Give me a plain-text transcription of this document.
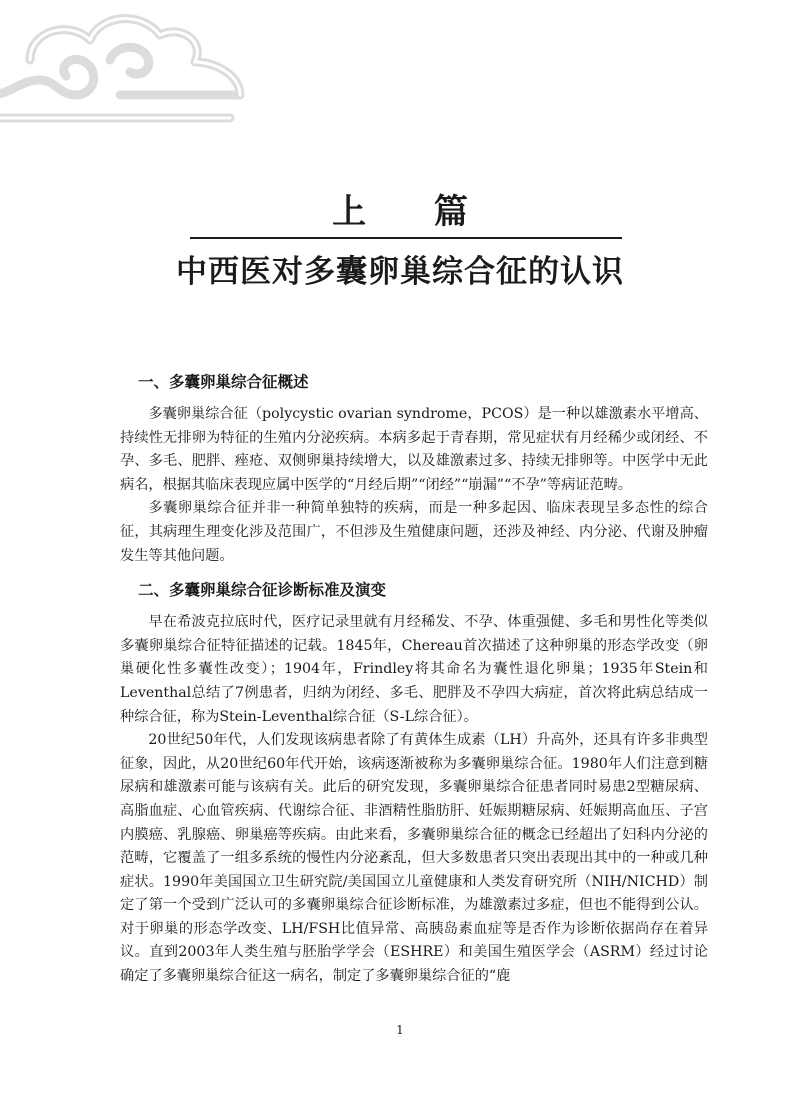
上 篇
中西医对多囊卵巢综合征的认识
一、多囊卵巢综合征概述

多囊卵巢综合征（polycystic ovarian syndrome，PCOS）是一种以雄激素水平增高、持续性无排卵为特征的生殖内分泌疾病。本病多起于青春期，常见症状有月经稀少或闭经、不孕、多毛、肥胖、痤疮、双侧卵巢持续增大，以及雄激素过多、持续无排卵等。中医学中无此病名，根据其临床表现应属中医学的“月经后期”“闭经”“崩漏”“不孕”等病证范畴。

多囊卵巢综合征并非一种简单独特的疾病，而是一种多起因、临床表现呈多态性的综合征，其病理生理变化涉及范围广，不但涉及生殖健康问题，还涉及神经、内分泌、代谢及肿瘤发生等其他问题。

二、多囊卵巢综合征诊断标准及演变

早在希波克拉底时代，医疗记录里就有月经稀发、不孕、体重强健、多毛和男性化等类似多囊卵巢综合征特征描述的记载。1845年，Chereau首次描述了这种卵巢的形态学改变（卵巢硬化性多囊性改变）；1904年，Frindley将其命名为囊性退化卵巢；1935年Stein和Leventhal总结了7例患者，归纳为闭经、多毛、肥胖及不孕四大病症，首次将此病总结成一种综合征，称为Stein-Leventhal综合征（S-L综合征）。

20世纪50年代，人们发现该病患者除了有黄体生成素（LH）升高外，还具有许多非典型征象，因此，从20世纪60年代开始，该病逐渐被称为多囊卵巢综合征。1980年人们注意到糖尿病和雄激素可能与该病有关。此后的研究发现，多囊卵巢综合征患者同时易患2型糖尿病、高脂血症、心血管疾病、代谢综合征、非酒精性脂肪肝、妊娠期糖尿病、妊娠期高血压、子宫内膜癌、乳腺癌、卵巢癌等疾病。由此来看，多囊卵巢综合征的概念已经超出了妇科内分泌的范畴，它覆盖了一组多系统的慢性内分泌紊乱，但大多数患者只突出表现出其中的一种或几种症状。1990年美国国立卫生研究院/美国国立儿童健康和人类发育研究所（NIH/NICHD）制定了第一个受到广泛认可的多囊卵巢综合征诊断标准，为雄激素过多症，但也不能得到公认。对于卵巢的形态学改变、LH/FSH比值异常、高胰岛素血症等是否作为诊断依据尚存在着异议。直到2003年人类生殖与胚胎学学会（ESHRE）和美国生殖医学会（ASRM）经过讨论确定了多囊卵巢综合征这一病名，制定了多囊卵巢综合征的“鹿

1
